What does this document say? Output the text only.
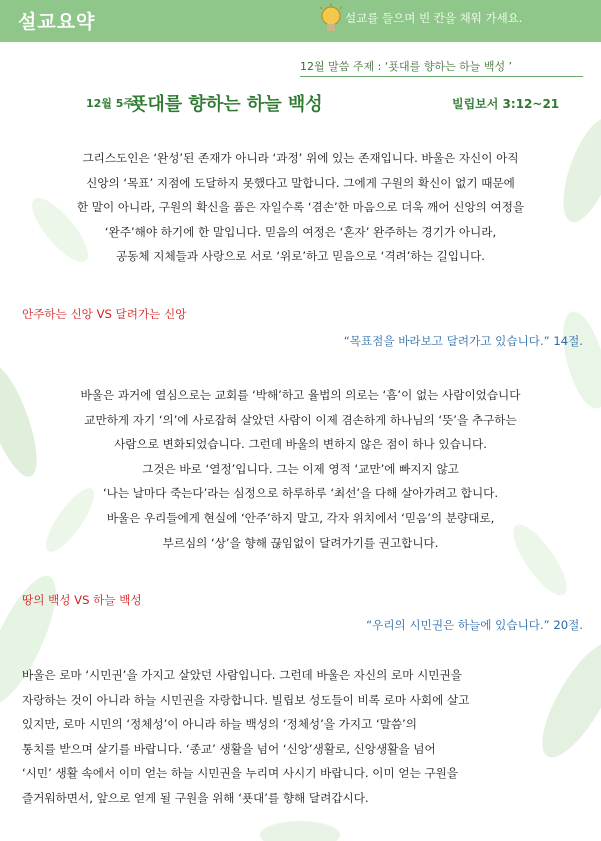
설교요약	설교를 들으며 빈 칸을 채워 가세요.
12월 말씀 주제 : ‘푯대를 향하는 하늘 백성 ’
12월 5주
푯대를 향하는 하늘 백성	빌립보서 3:12~21
그리스도인은 ‘완성’된 존재가 아니라 ‘과정’ 위에 있는 존재입니다. 바울은 자신이 아직
신앙의 ‘목표’ 지점에 도달하지 못했다고 말합니다. 그에게 구원의 확신이 없기 때문에
한 말이 아니라, 구원의 확신을 품은 자일수록 ‘겸손’한 마음으로 더욱 깨어 신앙의 여정을
‘완주’해야 하기에 한 말입니다. 믿음의 여정은 ‘혼자’ 완주하는 경기가 아니라,
공동체 지체들과 사랑으로 서로 ‘위로’하고 믿음으로 ‘격려’하는 길입니다.
안주하는 신앙 VS 달려가는 신앙
“목표점을 바라보고 달려가고 있습니다.” 14절.
바울은 과거에 열심으로는 교회를 ‘박해’하고 율법의 의로는 ‘흠’이 없는 사람이었습니다
교만하게 자기 ‘의’에 사로잡혀 살았던 사람이 이제 겸손하게 하나님의 ‘뜻’을 추구하는
사람으로 변화되었습니다. 그런데 바울의 변하지 않은 점이 하나 있습니다.
그것은 바로 ‘열정’입니다. 그는 이제 영적 ‘교만’에 빠지지 않고
‘나는 날마다 죽는다’라는 심정으로 하루하루 ‘최선’을 다해 살아가려고 합니다.
바울은 우리들에게 현실에 ‘안주’하지 말고, 각자 위치에서 ‘믿음’의 분량대로,
부르심의 ‘상’을 향해 끊임없이 달려가기를 권고합니다.
땅의 백성 VS 하늘 백성
“우리의 시민권은 하늘에 있습니다.” 20절.
바울은 로마 ‘시민권’을 가지고 살았던 사람입니다. 그런데 바울은 자신의 로마 시민권을
자랑하는 것이 아니라 하늘 시민권을 자랑합니다. 빌립보 성도들이 비록 로마 사회에 살고
있지만, 로마 시민의 ‘정체성’이 아니라 하늘 백성의 ‘정체성’을 가지고 ‘말씀’의
통치를 받으며 살기를 바랍니다. ‘종교’ 생활을 넘어 ‘신앙’생활로, 신앙생활을 넘어
‘시민’ 생활 속에서 이미 얻는 하늘 시민권을 누리며 사시기 바랍니다. 이미 얻는 구원을
즐거워하면서, 앞으로 얻게 될 구원을 위해 ‘푯대’를 향해 달려갑시다.
